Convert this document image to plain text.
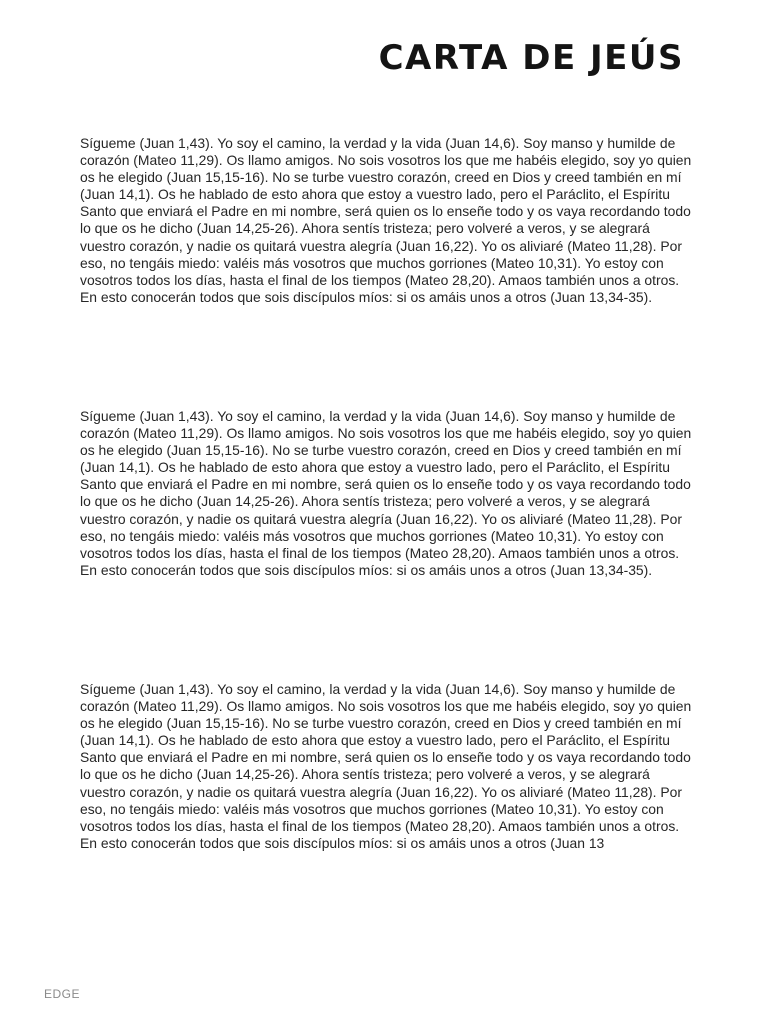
CARTA DE JEÚS

Sígueme (Juan 1,43). Yo soy el camino, la verdad y la vida (Juan 14,6). Soy manso y humilde de corazón (Mateo 11,29). Os llamo amigos. No sois vosotros los que me habéis elegido, soy yo quien os he elegido (Juan 15,15-16). No se turbe vuestro corazón, creed en Dios y creed también en mí (Juan 14,1). Os he hablado de esto ahora que estoy a vuestro lado, pero el Paráclito, el Espíritu Santo que enviará el Padre en mi nombre, será quien os lo enseñe todo y os vaya recordando todo lo que os he dicho (Juan 14,25-26). Ahora sentís tristeza; pero volveré a veros, y se alegrará vuestro corazón, y nadie os quitará vuestra alegría (Juan 16,22). Yo os aliviaré (Mateo 11,28). Por eso, no tengáis miedo: valéis más vosotros que muchos gorriones (Mateo 10,31). Yo estoy con vosotros todos los días, hasta el final de los tiempos (Mateo 28,20). Amaos también unos a otros. En esto conocerán todos que sois discípulos míos: si os amáis unos a otros (Juan 13,34-35).

Sígueme (Juan 1,43). Yo soy el camino, la verdad y la vida (Juan 14,6). Soy manso y humilde de corazón (Mateo 11,29). Os llamo amigos. No sois vosotros los que me habéis elegido, soy yo quien os he elegido (Juan 15,15-16). No se turbe vuestro corazón, creed en Dios y creed también en mí (Juan 14,1). Os he hablado de esto ahora que estoy a vuestro lado, pero el Paráclito, el Espíritu Santo que enviará el Padre en mi nombre, será quien os lo enseñe todo y os vaya recordando todo lo que os he dicho (Juan 14,25-26). Ahora sentís tristeza; pero volveré a veros, y se alegrará vuestro corazón, y nadie os quitará vuestra alegría (Juan 16,22). Yo os aliviaré (Mateo 11,28). Por eso, no tengáis miedo: valéis más vosotros que muchos gorriones (Mateo 10,31). Yo estoy con vosotros todos los días, hasta el final de los tiempos (Mateo 28,20). Amaos también unos a otros. En esto conocerán todos que sois discípulos míos: si os amáis unos a otros (Juan 13,34-35).

Sígueme (Juan 1,43). Yo soy el camino, la verdad y la vida (Juan 14,6). Soy manso y humilde de corazón (Mateo 11,29). Os llamo amigos. No sois vosotros los que me habéis elegido, soy yo quien os he elegido (Juan 15,15-16). No se turbe vuestro corazón, creed en Dios y creed también en mí (Juan 14,1). Os he hablado de esto ahora que estoy a vuestro lado, pero el Paráclito, el Espíritu Santo que enviará el Padre en mi nombre, será quien os lo enseñe todo y os vaya recordando todo lo que os he dicho (Juan 14,25-26). Ahora sentís tristeza; pero volveré a veros, y se alegrará vuestro corazón, y nadie os quitará vuestra alegría (Juan 16,22). Yo os aliviaré (Mateo 11,28). Por eso, no tengáis miedo: valéis más vosotros que muchos gorriones (Mateo 10,31). Yo estoy con vosotros todos los días, hasta el final de los tiempos (Mateo 28,20). Amaos también unos a otros. En esto conocerán todos que sois discípulos míos: si os amáis unos a otros (Juan 13

EDGE
